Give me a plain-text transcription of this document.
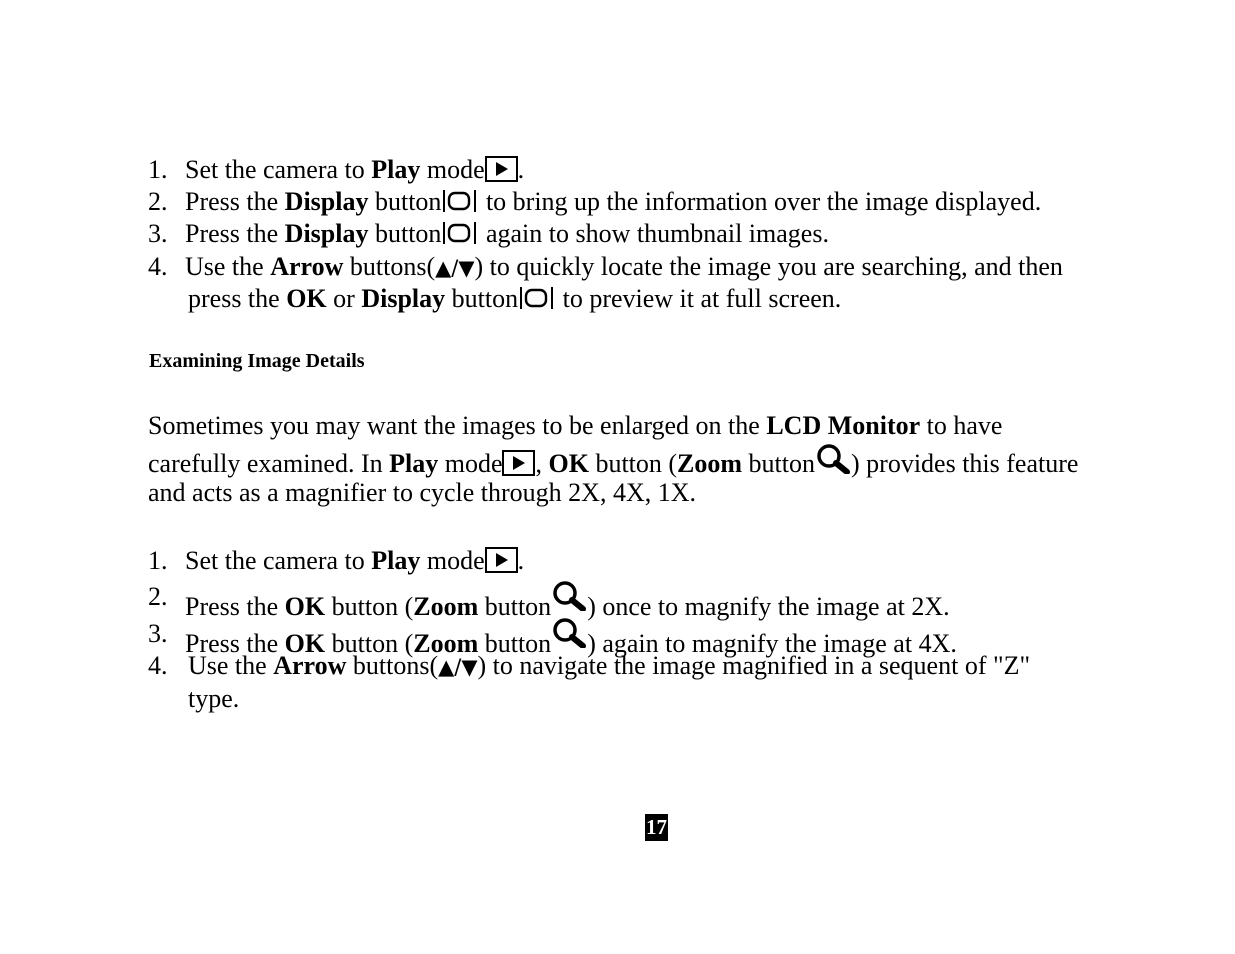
1. Set the camera to Play mode .
2. Press the Display button to bring up the information over the image displayed.
3. Press the Display button again to show thumbnail images.
4. Use the Arrow buttons(▲/▼) to quickly locate the image you are searching, and then
press the OK or Display button to preview it at full screen.
Examining Image Details
Sometimes you may want the images to be enlarged on the LCD Monitor to have
carefully examined. In Play mode , OK button (Zoom button ) provides this feature
and acts as a magnifier to cycle through 2X, 4X, 1X.
1. Set the camera to Play mode .
2. Press the OK button (Zoom button ) once to magnify the image at 2X.
3. Press the OK button (Zoom button ) again to magnify the image at 4X.
4. Use the Arrow buttons(▲/▼) to navigate the image magnified in a sequent of "Z"
type.
17
